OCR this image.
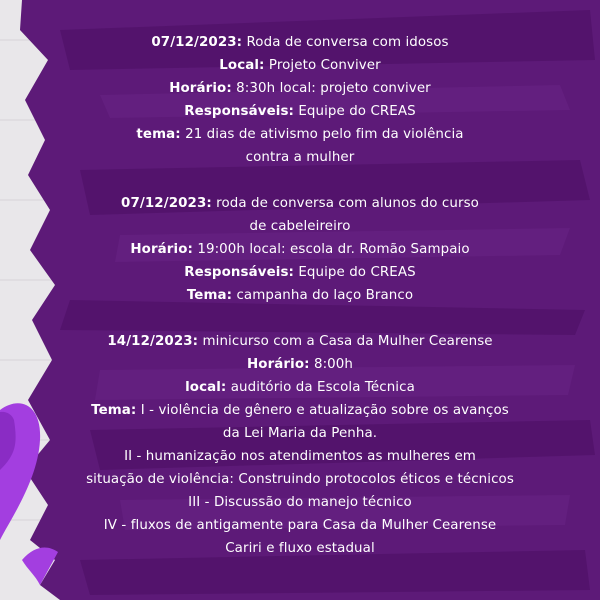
07/12/2023: Roda de conversa com idosos
Local: Projeto Conviver
Horário: 8:30h local: projeto conviver
Responsáveis: Equipe do CREAS
tema: 21 dias de ativismo pelo fim da violência
contra a mulher
07/12/2023: roda de conversa com alunos do curso
de cabeleireiro
Horário: 19:00h local: escola dr. Romão Sampaio
Responsáveis: Equipe do CREAS
Tema: campanha do laço Branco
14/12/2023: minicurso com a Casa da Mulher Cearense
Horário: 8:00h
local: auditório da Escola Técnica
Tema: I - violência de gênero e atualização sobre os avanços
da Lei Maria da Penha.
II - humanização nos atendimentos as mulheres em
situação de violência: Construindo protocolos éticos e técnicos
III - Discussão do manejo técnico
IV - fluxos de antigamente para Casa da Mulher Cearense
Cariri e fluxo estadual
